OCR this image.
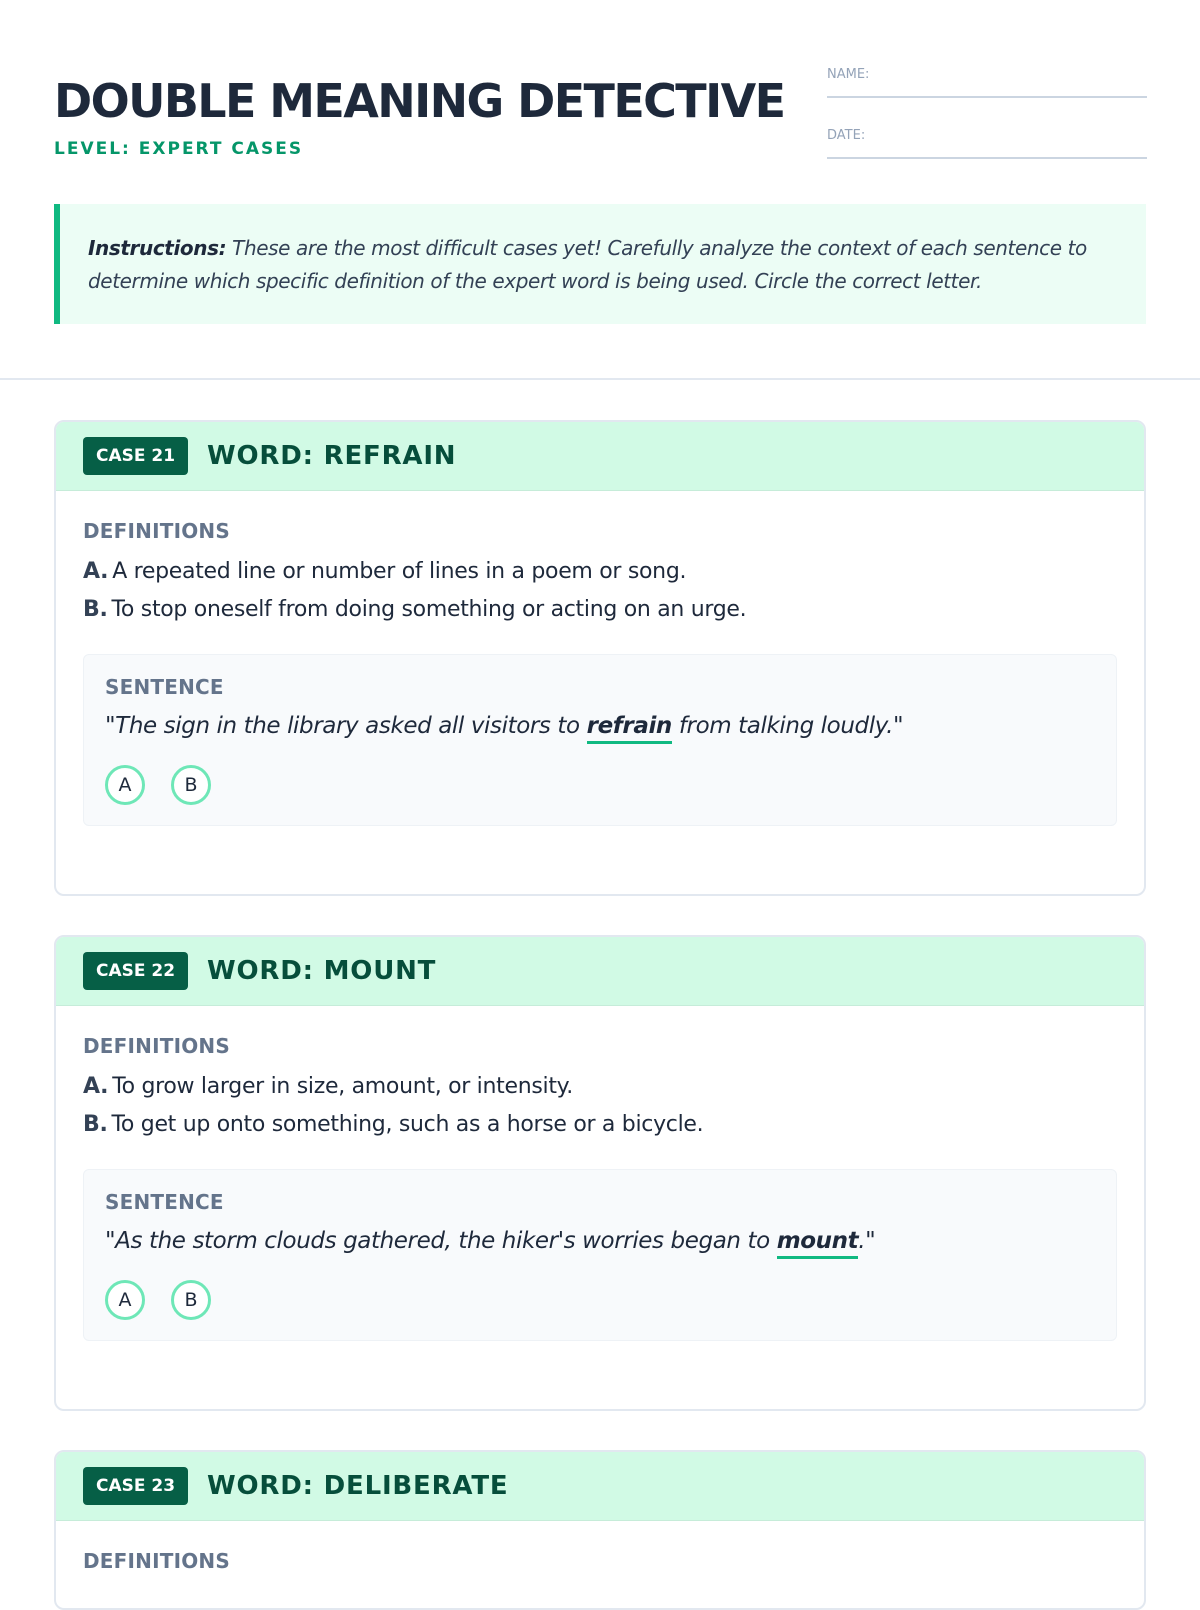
DOUBLE MEANING DETECTIVE
LEVEL: EXPERT CASES
NAME:
DATE:
Instructions: These are the most difficult cases yet! Carefully analyze the context of each sentence to determine which specific definition of the expert word is being used. Circle the correct letter.
CASE 21	WORD: REFRAIN
DEFINITIONS
A. A repeated line or number of lines in a poem or song.
B. To stop oneself from doing something or acting on an urge.
SENTENCE
"The sign in the library asked all visitors to refrain from talking loudly."
A	B
CASE 22	WORD: MOUNT
DEFINITIONS
A. To grow larger in size, amount, or intensity.
B. To get up onto something, such as a horse or a bicycle.
SENTENCE
"As the storm clouds gathered, the hiker's worries began to mount."
A	B
CASE 23	WORD: DELIBERATE
DEFINITIONS
